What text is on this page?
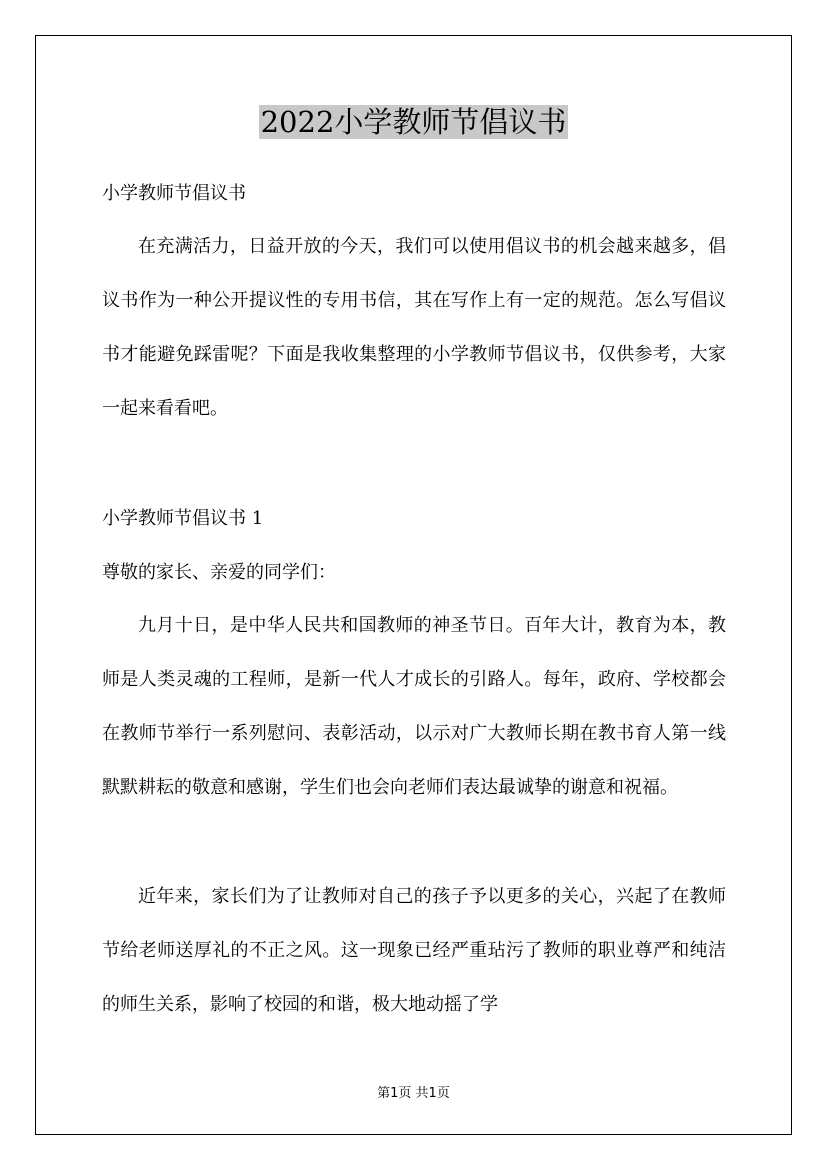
2022小学教师节倡议书
小学教师节倡议书
在充满活力，日益开放的今天，我们可以使用倡议书的机会越来越多，倡议书作为一种公开提议性的专用书信，其在写作上有一定的规范。怎么写倡议书才能避免踩雷呢？下面是我收集整理的小学教师节倡议书，仅供参考，大家一起来看看吧。
小学教师节倡议书 1
尊敬的家长、亲爱的同学们：
九月十日，是中华人民共和国教师的神圣节日。百年大计，教育为本，教师是人类灵魂的工程师，是新一代人才成长的引路人。每年，政府、学校都会在教师节举行一系列慰问、表彰活动，以示对广大教师长期在教书育人第一线默默耕耘的敬意和感谢，学生们也会向老师们表达最诚挚的谢意和祝福。
近年来，家长们为了让教师对自己的孩子予以更多的关心，兴起了在教师节给老师送厚礼的不正之风。这一现象已经严重玷污了教师的职业尊严和纯洁的师生关系，影响了校园的和谐，极大地动摇了学
第1页 共1页
